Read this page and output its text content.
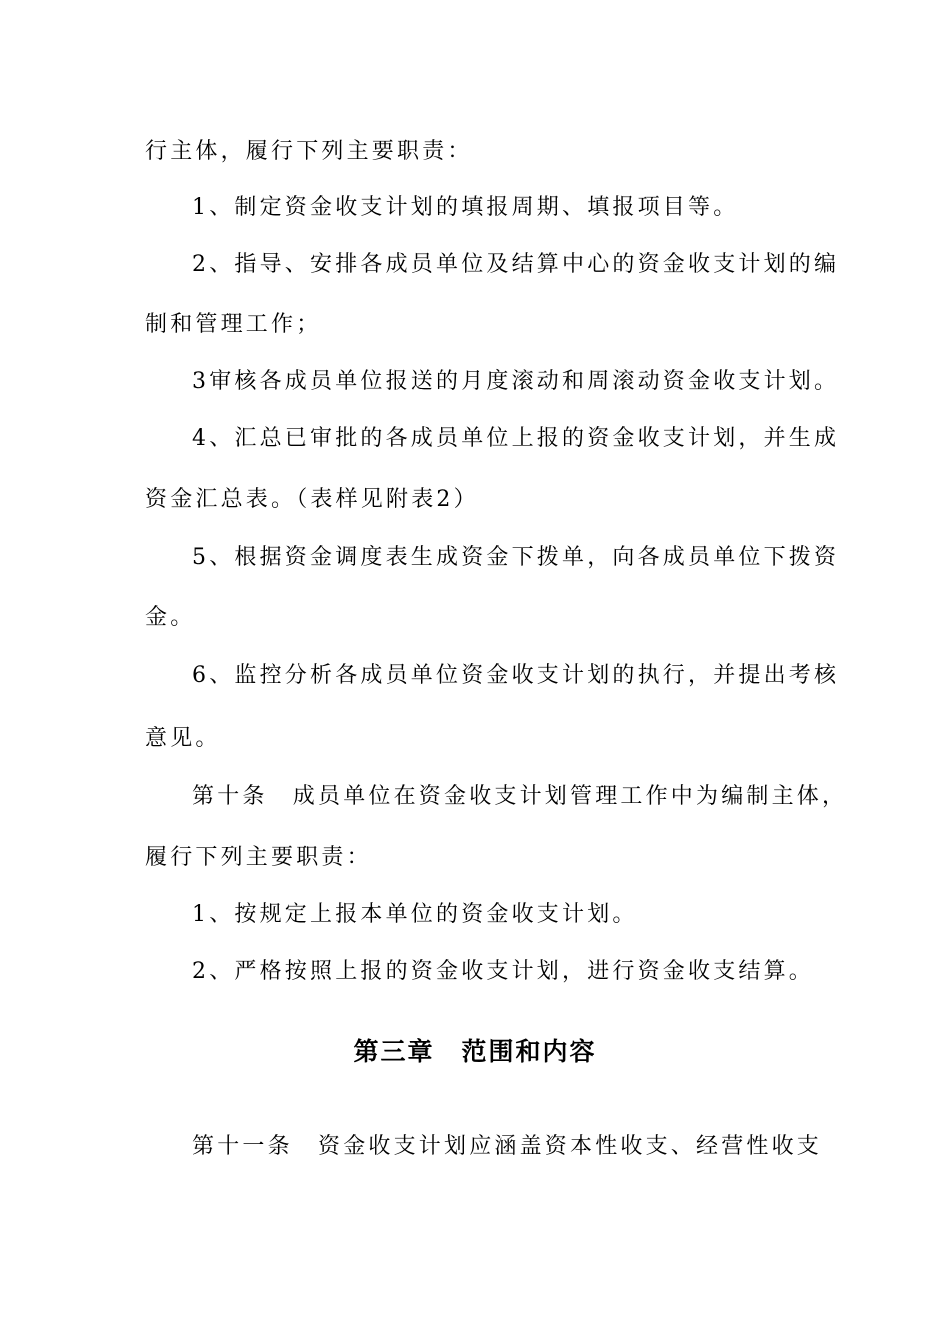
行主体，履行下列主要职责：
1、制定资金收支计划的填报周期、填报项目等。
2、指导、安排各成员单位及结算中心的资金收支计划的编
制和管理工作；
3审核各成员单位报送的月度滚动和周滚动资金收支计划。
4、汇总已审批的各成员单位上报的资金收支计划，并生成
资金汇总表。（表样见附表2）
5、根据资金调度表生成资金下拨单，向各成员单位下拨资
金。
6、监控分析各成员单位资金收支计划的执行，并提出考核
意见。
第十条　成员单位在资金收支计划管理工作中为编制主体，
履行下列主要职责：
1、按规定上报本单位的资金收支计划。
2、严格按照上报的资金收支计划，进行资金收支结算。
第三章　范围和内容
第十一条　资金收支计划应涵盖资本性收支、经营性收支
